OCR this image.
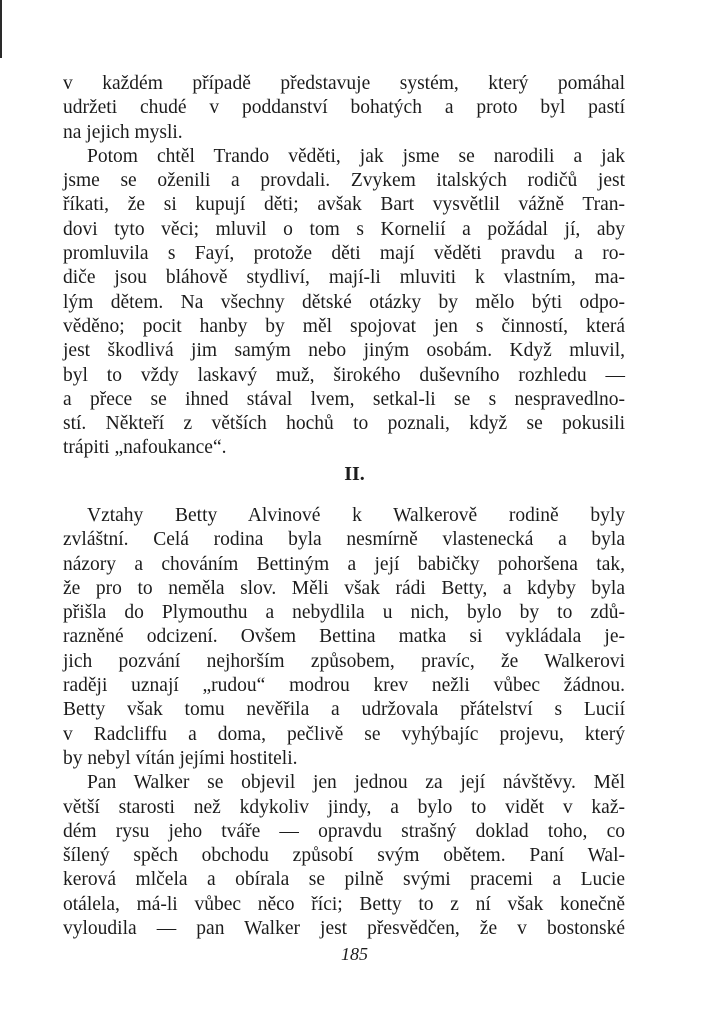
v každém případě představuje systém, který pomáhal
udržeti chudé v poddanství bohatých a proto byl pastí
na jejich mysli.
Potom chtěl Trando věděti, jak jsme se narodili a jak
jsme se oženili a provdali. Zvykem italských rodičů jest
říkati, že si kupují děti; avšak Bart vysvětlil vážně Tran-
dovi tyto věci; mluvil o tom s Kornelií a požádal jí, aby
promluvila s Fayí, protože děti mají věděti pravdu a ro-
diče jsou bláhově stydliví, mají-li mluviti k vlastním, ma-
lým dětem. Na všechny dětské otázky by mělo býti odpo-
věděno; pocit hanby by měl spojovat jen s činností, která
jest škodlivá jim samým nebo jiným osobám. Když mluvil,
byl to vždy laskavý muž, širokého duševního rozhledu —
a přece se ihned stával lvem, setkal-li se s nespravedlno-
stí. Někteří z větších hochů to poznali, když se pokusili
trápiti „nafoukance“.
II.
Vztahy Betty Alvinové k Walkerově rodině byly
zvláštní. Celá rodina byla nesmírně vlastenecká a byla
názory a chováním Bettiným a její babičky pohoršena tak,
že pro to neměla slov. Měli však rádi Betty, a kdyby byla
přišla do Plymouthu a nebydlila u nich, bylo by to zdů-
razněné odcizení. Ovšem Bettina matka si vykládala je-
jich pozvání nejhorším způsobem, pravíc, že Walkerovi
raději uznají „rudou“ modrou krev nežli vůbec žádnou.
Betty však tomu nevěřila a udržovala přátelství s Lucií
v Radcliffu a doma, pečlivě se vyhýbajíc projevu, který
by nebyl vítán jejími hostiteli.
Pan Walker se objevil jen jednou za její návštěvy. Měl
větší starosti než kdykoliv jindy, a bylo to vidět v kaž-
dém rysu jeho tváře — opravdu strašný doklad toho, co
šílený spěch obchodu způsobí svým obětem. Paní Wal-
kerová mlčela a obírala se pilně svými pracemi a Lucie
otálela, má-li vůbec něco říci; Betty to z ní však konečně
vyloudila — pan Walker jest přesvědčen, že v bostonské
185
